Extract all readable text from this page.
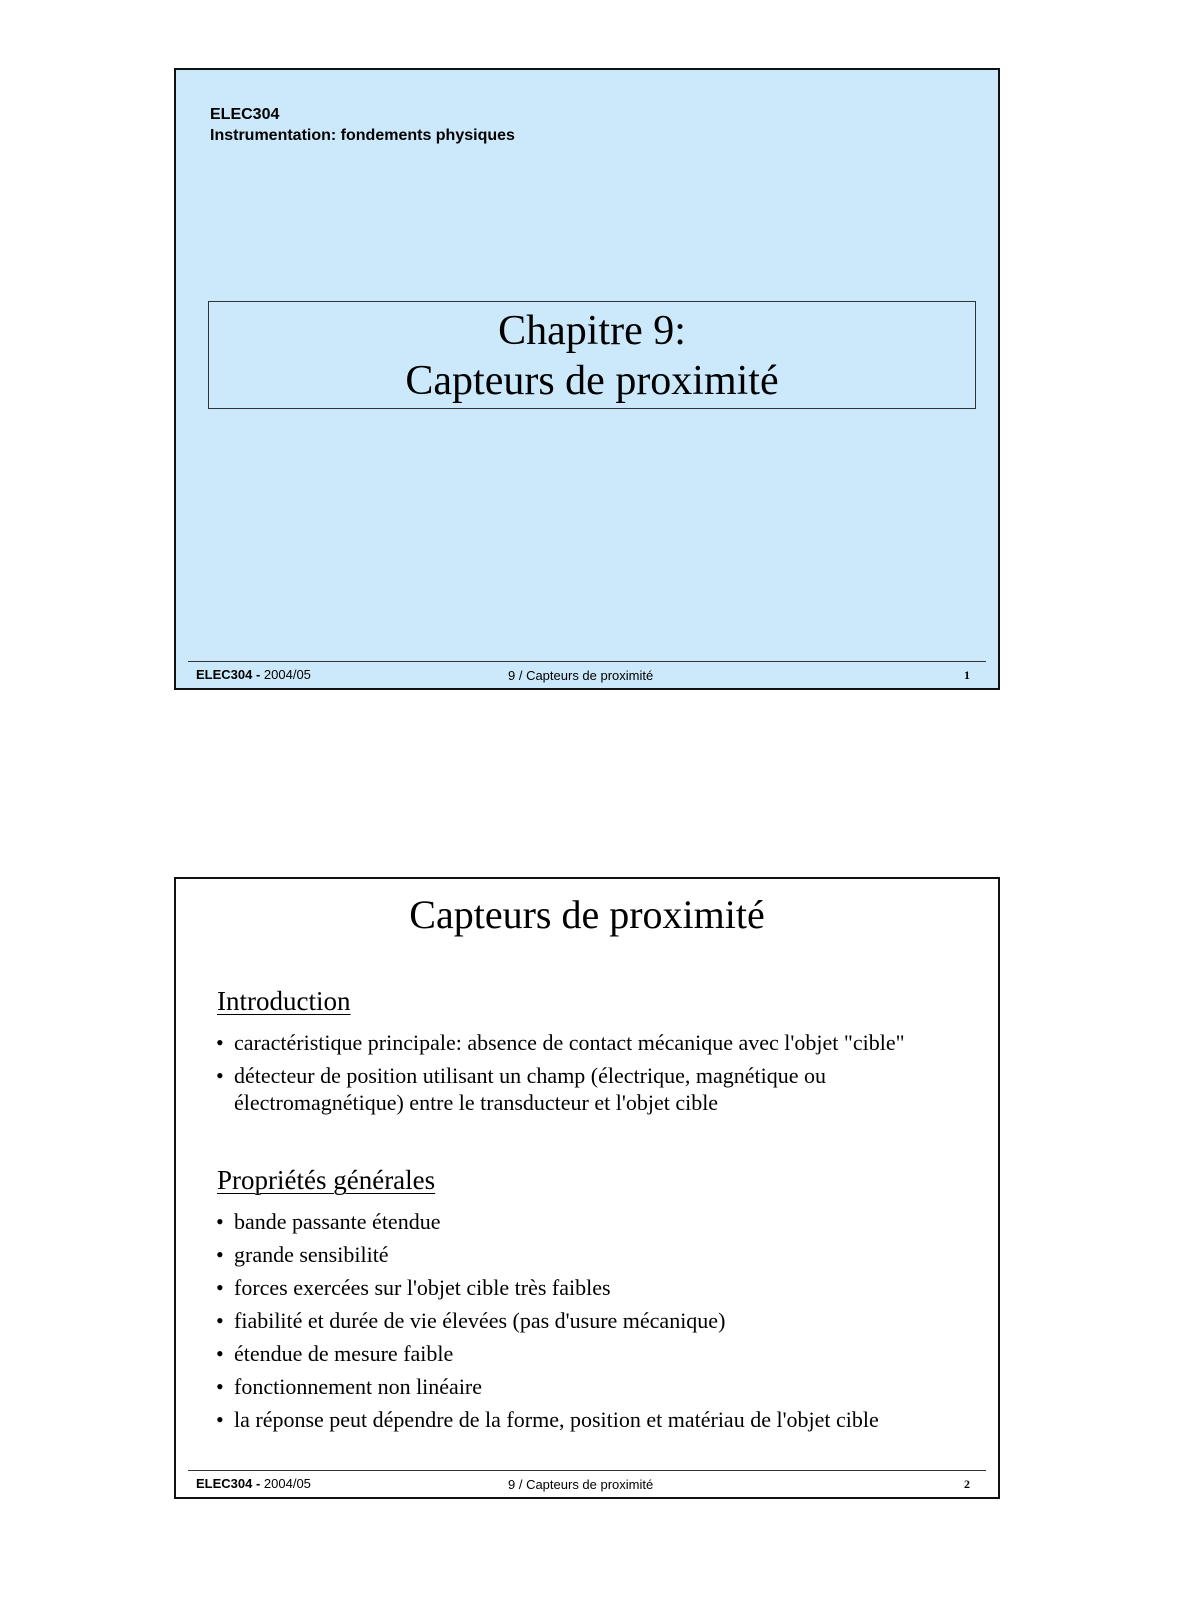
ELEC304
Instrumentation: fondements physiques
Chapitre 9:
Capteurs de proximité
ELEC304 - 2004/05	9 / Capteurs de proximité	1
Capteurs de proximité
Introduction
• caractéristique principale: absence de contact mécanique avec l'objet "cible"
• détecteur de position utilisant un champ (électrique, magnétique ou électromagnétique) entre le transducteur et l'objet cible
Propriétés générales
• bande passante étendue
• grande sensibilité
• forces exercées sur l'objet cible très faibles
• fiabilité et durée de vie élevées (pas d'usure mécanique)
• étendue de mesure faible
• fonctionnement non linéaire
• la réponse peut dépendre de la forme, position et matériau de l'objet cible
ELEC304 - 2004/05	9 / Capteurs de proximité	2
